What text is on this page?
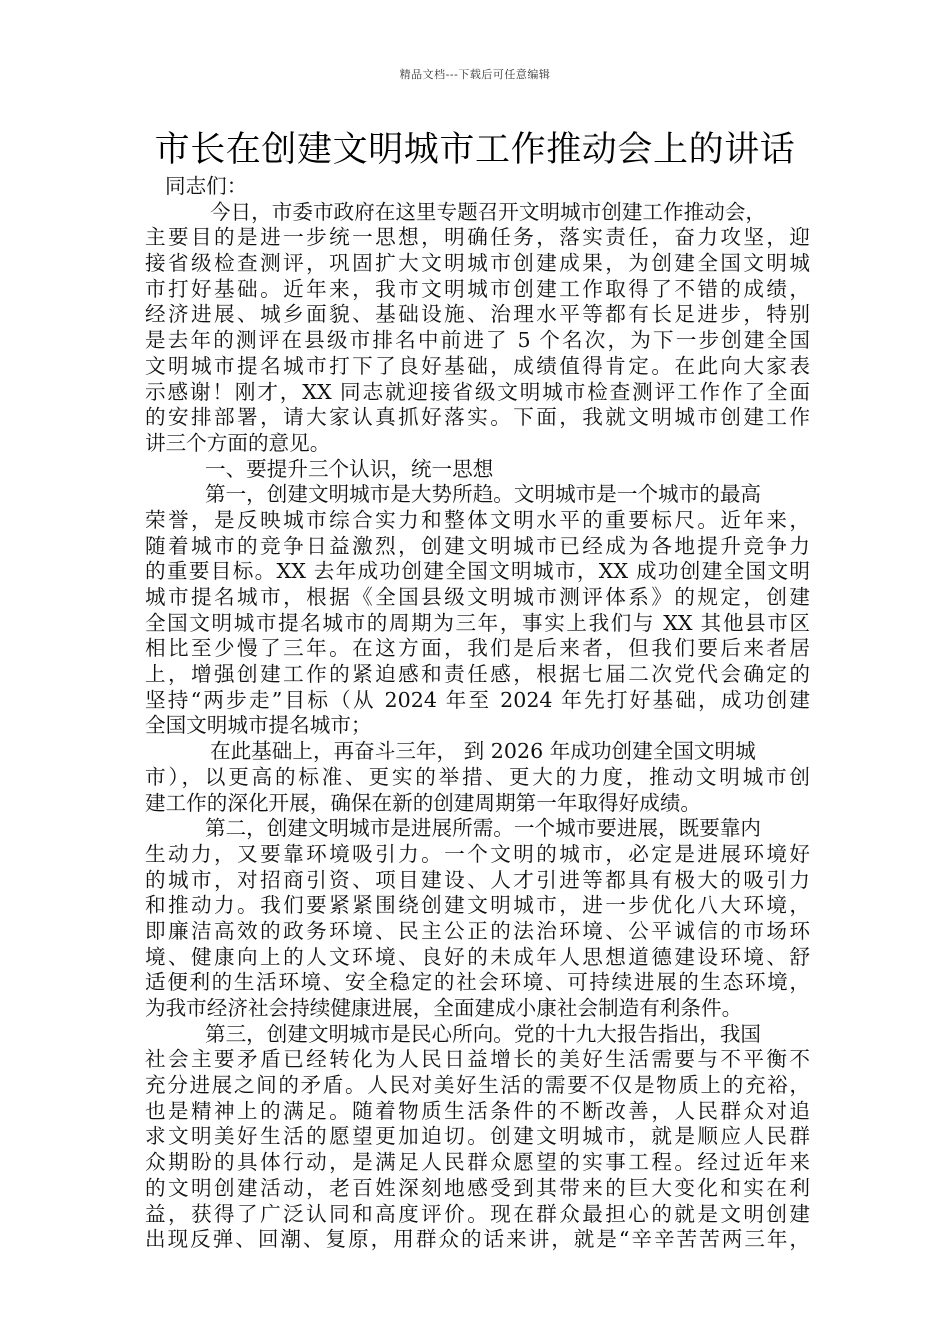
精品文档---下载后可任意编辑
市长在创建文明城市工作推动会上的讲话
同志们：
今日，市委市政府在这里专题召开文明城市创建工作推动会，
主要目的是进一步统一思想，明确任务，落实责任，奋力攻坚，迎
接省级检查测评，巩固扩大文明城市创建成果，为创建全国文明城
市打好基础。近年来，我市文明城市创建工作取得了不错的成绩，
经济进展、城乡面貌、基础设施、治理水平等都有长足进步，特别
是去年的测评在县级市排名中前进了 5 个名次，为下一步创建全国
文明城市提名城市打下了良好基础，成绩值得肯定。在此向大家表
示感谢！刚才，XX 同志就迎接省级文明城市检查测评工作作了全面
的安排部署，请大家认真抓好落实。下面，我就文明城市创建工作
讲三个方面的意见。
一、要提升三个认识，统一思想
第一，创建文明城市是大势所趋。文明城市是一个城市的最高
荣誉，是反映城市综合实力和整体文明水平的重要标尺。近年来，
随着城市的竞争日益激烈，创建文明城市已经成为各地提升竞争力
的重要目标。XX 去年成功创建全国文明城市，XX 成功创建全国文明
城市提名城市，根据《全国县级文明城市测评体系》的规定，创建
全国文明城市提名城市的周期为三年，事实上我们与 XX 其他县市区
相比至少慢了三年。在这方面，我们是后来者，但我们要后来者居
上，增强创建工作的紧迫感和责任感，根据七届二次党代会确定的
坚持“两步走”目标（从 2024 年至 2024 年先打好基础，成功创建
全国文明城市提名城市；
在此基础上，再奋斗三年， 到 2026 年成功创建全国文明城
市），以更高的标准、更实的举措、更大的力度，推动文明城市创
建工作的深化开展，确保在新的创建周期第一年取得好成绩。
第二，创建文明城市是进展所需。一个城市要进展，既要靠内
生动力，又要靠环境吸引力。一个文明的城市，必定是进展环境好
的城市，对招商引资、项目建设、人才引进等都具有极大的吸引力
和推动力。我们要紧紧围绕创建文明城市，进一步优化八大环境，
即廉洁高效的政务环境、民主公正的法治环境、公平诚信的市场环
境、健康向上的人文环境、良好的未成年人思想道德建设环境、舒
适便利的生活环境、安全稳定的社会环境、可持续进展的生态环境，
为我市经济社会持续健康进展，全面建成小康社会制造有利条件。
第三，创建文明城市是民心所向。党的十九大报告指出，我国
社会主要矛盾已经转化为人民日益增长的美好生活需要与不平衡不
充分进展之间的矛盾。人民对美好生活的需要不仅是物质上的充裕，
也是精神上的满足。随着物质生活条件的不断改善，人民群众对追
求文明美好生活的愿望更加迫切。创建文明城市，就是顺应人民群
众期盼的具体行动，是满足人民群众愿望的实事工程。经过近年来
的文明创建活动，老百姓深刻地感受到其带来的巨大变化和实在利
益，获得了广泛认同和高度评价。现在群众最担心的就是文明创建
出现反弹、回潮、复原，用群众的话来讲，就是“辛辛苦苦两三年，
